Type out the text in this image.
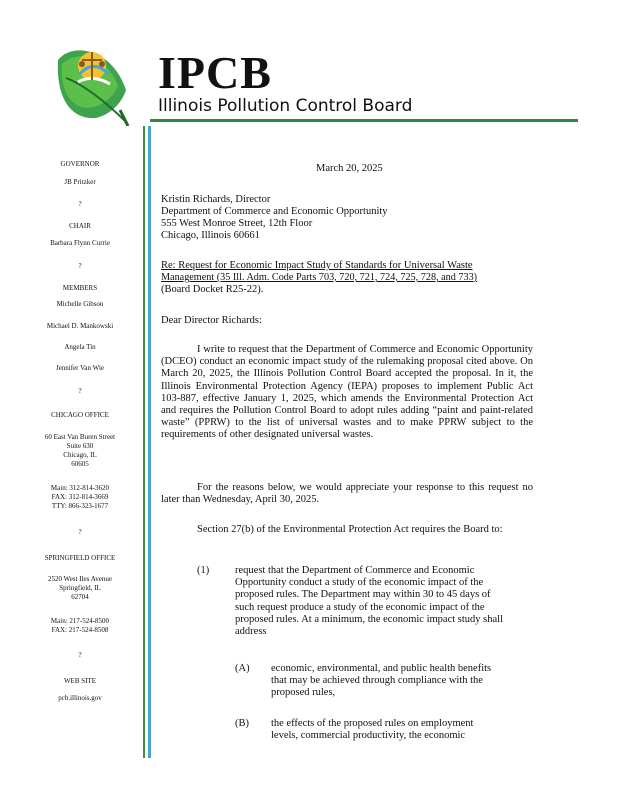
IPCB
Illinois Pollution Control Board
GOVERNOR
JB Pritzker
?
CHAIR
Barbara Flynn Currie
?
MEMBERS
Michelle Gibson
Michael D. Mankowski
Angela Tin
Jennifer Van Wie
?
CHICAGO OFFICE
60 East Van Buren Street
Suite 630
Chicago, IL
60605
Main: 312-814-3620
FAX: 312-814-3669
TTY: 866-323-1677
?
SPRINGFIELD OFFICE
2520 West Iles Avenue
Springfield, IL
62704
Main: 217-524-8500
FAX: 217-524-8508
?
WEB SITE
pcb.illinois.gov
March 20, 2025
Kristin Richards, Director
Department of Commerce and Economic Opportunity
555 West Monroe Street, 12th Floor
Chicago, Illinois 60661
Re: Request for Economic Impact Study of Standards for Universal Waste
Management (35 Ill. Adm. Code Parts 703, 720, 721, 724, 725, 728, and 733)
(Board Docket R25-22).
Dear Director Richards:
I write to request that the Department of Commerce and Economic Opportunity (DCEO) conduct an economic impact study of the rulemaking proposal cited above. On March 20, 2025, the Illinois Pollution Control Board accepted the proposal. In it, the Illinois Environmental Protection Agency (IEPA) proposes to implement Public Act 103-887, effective January 1, 2025, which amends the Environmental Protection Act and requires the Pollution Control Board to adopt rules adding “paint and paint-related waste” (PPRW) to the list of universal wastes and to make PPRW subject to the requirements of other designated universal wastes.
For the reasons below, we would appreciate your response to this request no later than Wednesday, April 30, 2025.
Section 27(b) of the Environmental Protection Act requires the Board to:
(1) request that the Department of Commerce and Economic Opportunity conduct a study of the economic impact of the proposed rules. The Department may within 30 to 45 days of such request produce a study of the economic impact of the proposed rules. At a minimum, the economic impact study shall address
(A) economic, environmental, and public health benefits that may be achieved through compliance with the proposed rules,
(B) the effects of the proposed rules on employment levels, commercial productivity, the economic
